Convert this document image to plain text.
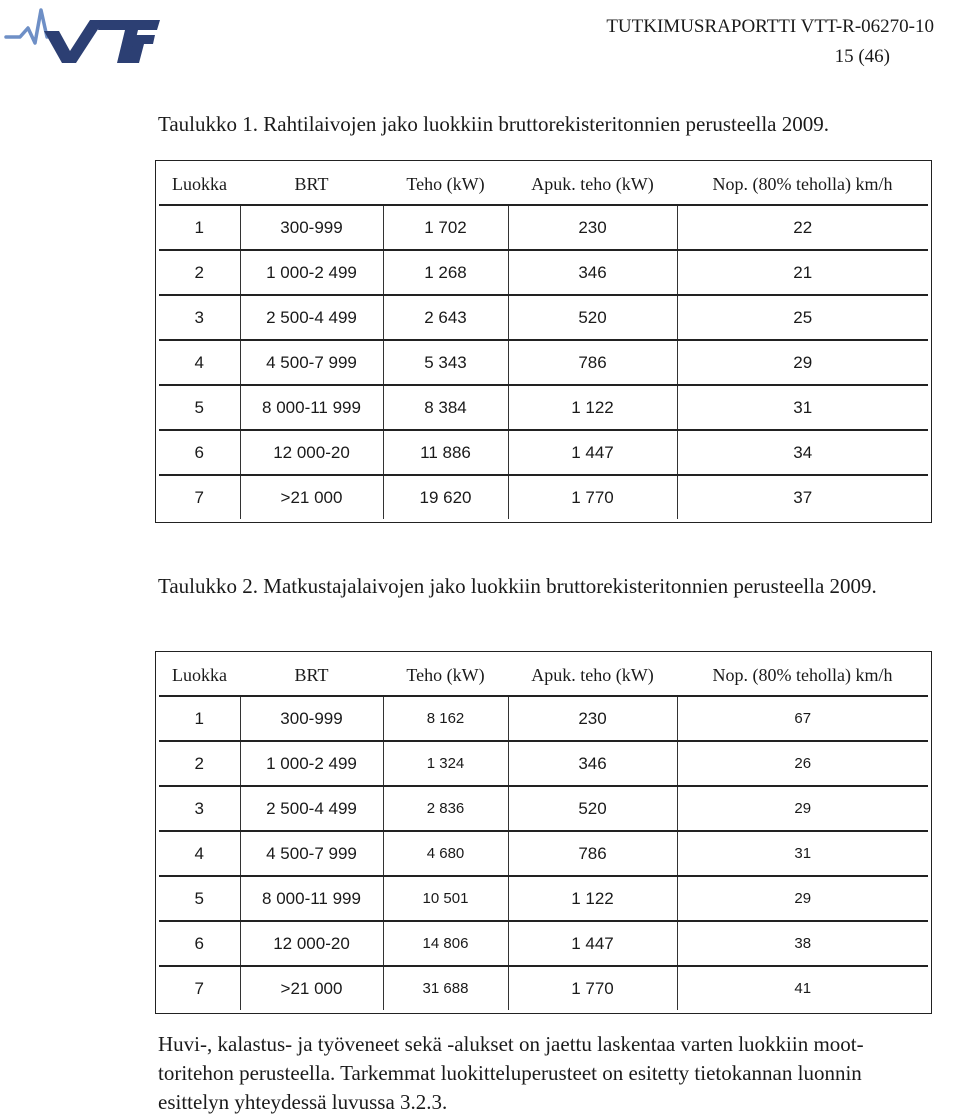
TUTKIMUSRAPORTTI VTT-R-06270-10
15 (46)
Taulukko 1. Rahtilaivojen jako luokkiin bruttorekisteritonnien perusteella 2009.
Luokka	BRT	Teho (kW)	Apuk. teho (kW)	Nop. (80% teholla) km/h
1	300-999	1 702	230	22
2	1 000-2 499	1 268	346	21
3	2 500-4 499	2 643	520	25
4	4 500-7 999	5 343	786	29
5	8 000-11 999	8 384	1 122	31
6	12 000-20	11 886	1 447	34
7	>21 000	19 620	1 770	37
Taulukko 2. Matkustajalaivojen jako luokkiin bruttorekisteritonnien perusteella 2009.
Luokka	BRT	Teho (kW)	Apuk. teho (kW)	Nop. (80% teholla) km/h
1	300-999	8 162	230	67
2	1 000-2 499	1 324	346	26
3	2 500-4 499	2 836	520	29
4	4 500-7 999	4 680	786	31
5	8 000-11 999	10 501	1 122	29
6	12 000-20	14 806	1 447	38
7	>21 000	31 688	1 770	41
Huvi-, kalastus- ja työveneet sekä -alukset on jaettu laskentaa varten luokkiin moot-
toritehon perusteella. Tarkemmat luokitteluperusteet on esitetty tietokannan luonnin
esittelyn yhteydessä luvussa 3.2.3.
